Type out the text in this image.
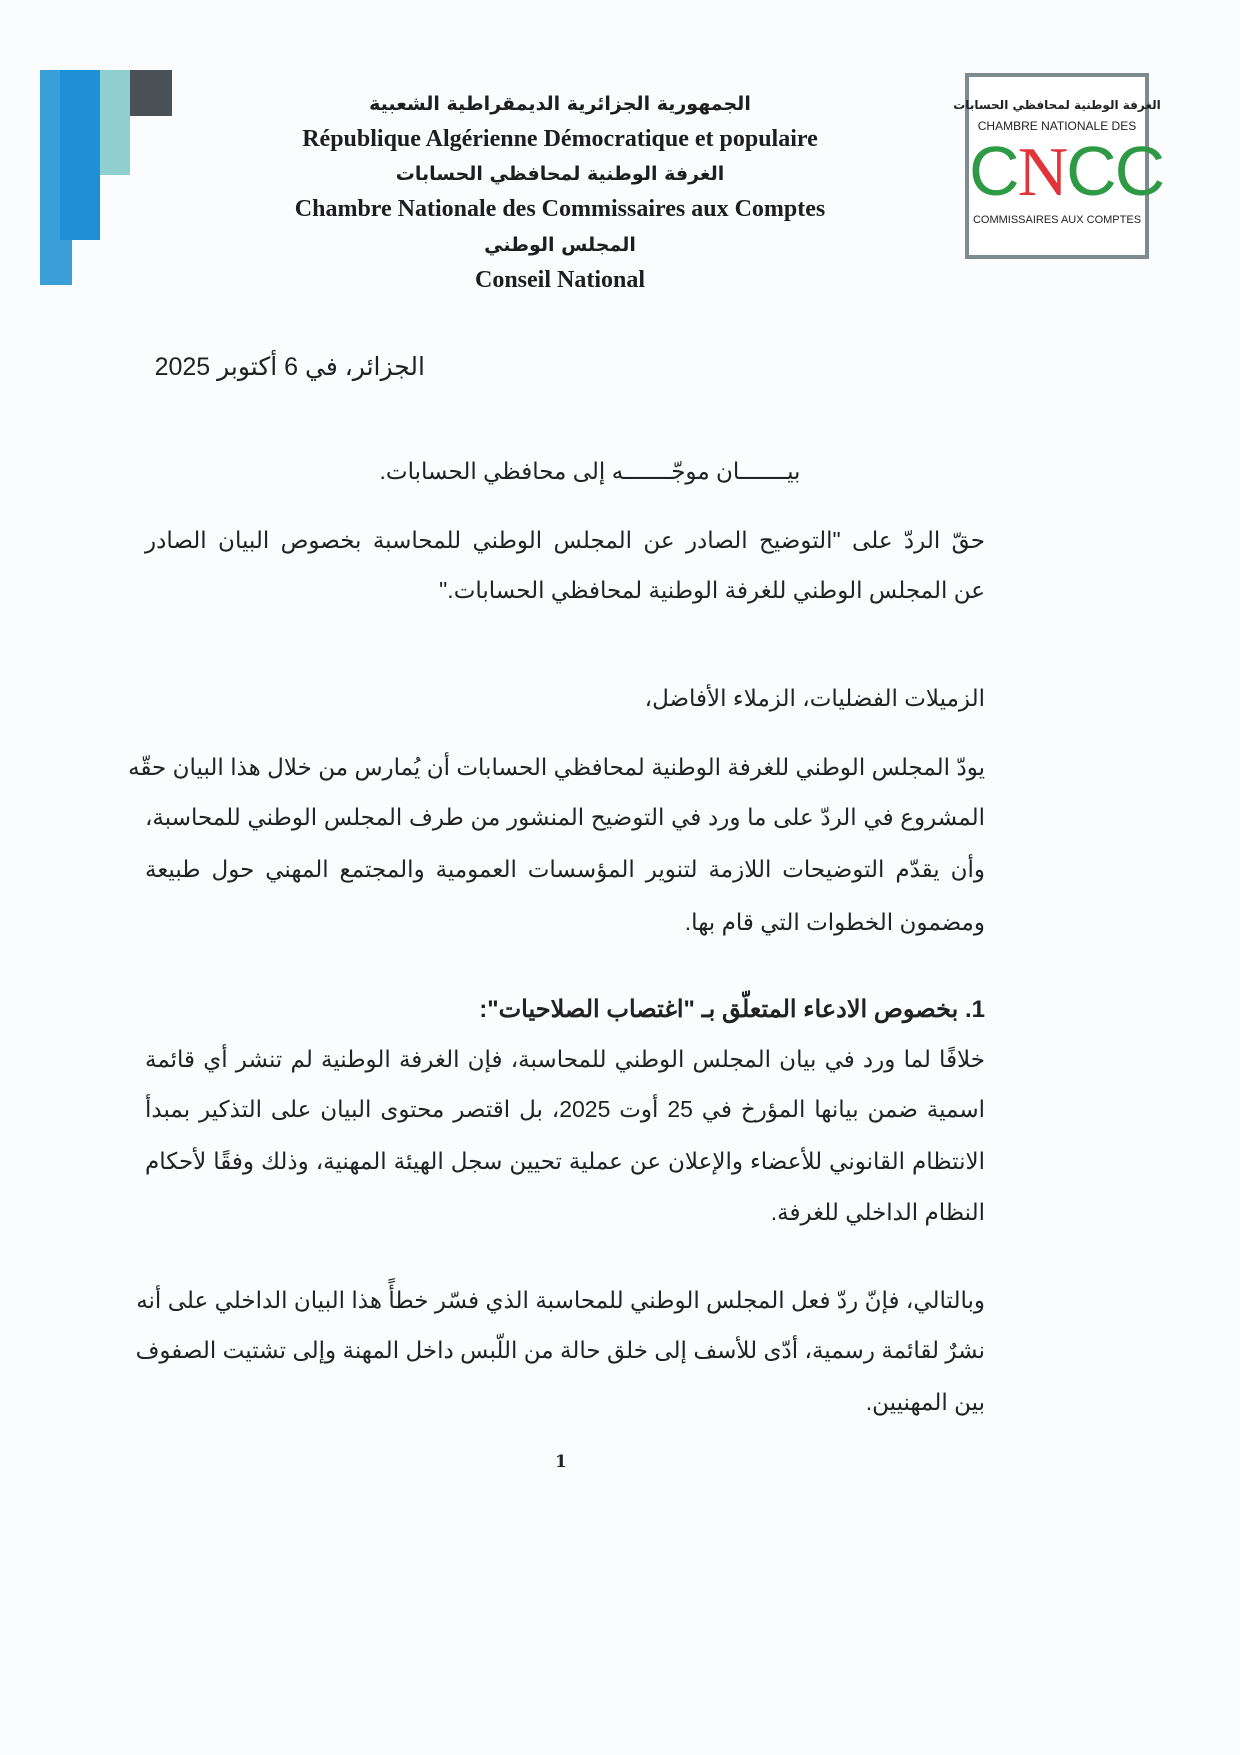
الجمهورية الجزائرية الديمقراطية الشعبية
République Algérienne Démocratique et populaire
الغرفة الوطنية لمحافظي الحسابات
Chambre Nationale des Commissaires aux Comptes
المجلس الوطني
Conseil National
الغرفة الوطنية لمحافظي الحسابات
CHAMBRE NATIONALE DES
CNCC
COMMISSAIRES AUX COMPTES
الجزائر، في 6 أكتوبر 2025
بيـــــــان موجّـــــــه إلى محافظي الحسابات.
حقّ الردّ على "التوضيح الصادر عن المجلس الوطني للمحاسبة بخصوص البيان الصادر
عن المجلس الوطني للغرفة الوطنية لمحافظي الحسابات."
الزميلات الفضليات، الزملاء الأفاضل،
يودّ المجلس الوطني للغرفة الوطنية لمحافظي الحسابات أن يُمارس من خلال هذا البيان حقّه
المشروع في الردّ على ما ورد في التوضيح المنشور من طرف المجلس الوطني للمحاسبة،
وأن يقدّم التوضيحات اللازمة لتنوير المؤسسات العمومية والمجتمع المهني حول طبيعة
ومضمون الخطوات التي قام بها.
1. بخصوص الادعاء المتعلّق بـ "اغتصاب الصلاحيات":
خلافًا لما ورد في بيان المجلس الوطني للمحاسبة، فإن الغرفة الوطنية لم تنشر أي قائمة
اسمية ضمن بيانها المؤرخ في 25 أوت 2025، بل اقتصر محتوى البيان على التذكير بمبدأ
الانتظام القانوني للأعضاء والإعلان عن عملية تحيين سجل الهيئة المهنية، وذلك وفقًا لأحكام
النظام الداخلي للغرفة.
وبالتالي، فإنّ ردّ فعل المجلس الوطني للمحاسبة الذي فسّر خطأً هذا البيان الداخلي على أنه
نشرٌ لقائمة رسمية، أدّى للأسف إلى خلق حالة من اللّبس داخل المهنة وإلى تشتيت الصفوف
بين المهنيين.
1
